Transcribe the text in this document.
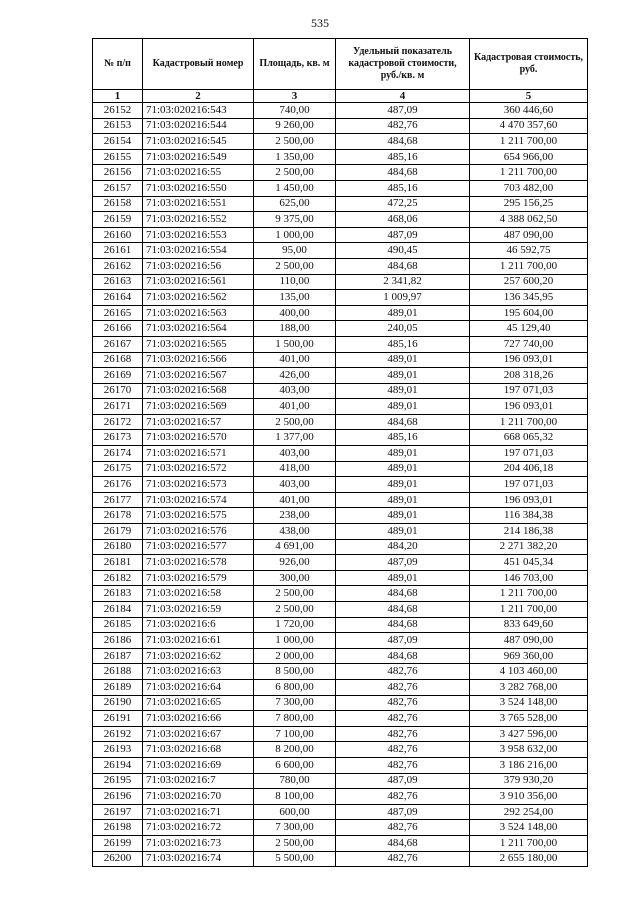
535
№ п/п	Кадастровый номер	Площадь, кв. м	Удельный показатель кадастровой стоимости, руб./кв. м	Кадастровая стоимость, руб.
1	2	3	4	5
26152	71:03:020216:543	740,00	487,09	360 446,60
26153	71:03:020216:544	9 260,00	482,76	4 470 357,60
26154	71:03:020216:545	2 500,00	484,68	1 211 700,00
26155	71:03:020216:549	1 350,00	485,16	654 966,00
26156	71:03:020216:55	2 500,00	484,68	1 211 700,00
26157	71:03:020216:550	1 450,00	485,16	703 482,00
26158	71:03:020216:551	625,00	472,25	295 156,25
26159	71:03:020216:552	9 375,00	468,06	4 388 062,50
26160	71:03:020216:553	1 000,00	487,09	487 090,00
26161	71:03:020216:554	95,00	490,45	46 592,75
26162	71:03:020216:56	2 500,00	484,68	1 211 700,00
26163	71:03:020216:561	110,00	2 341,82	257 600,20
26164	71:03:020216:562	135,00	1 009,97	136 345,95
26165	71:03:020216:563	400,00	489,01	195 604,00
26166	71:03:020216:564	188,00	240,05	45 129,40
26167	71:03:020216:565	1 500,00	485,16	727 740,00
26168	71:03:020216:566	401,00	489,01	196 093,01
26169	71:03:020216:567	426,00	489,01	208 318,26
26170	71:03:020216:568	403,00	489,01	197 071,03
26171	71:03:020216:569	401,00	489,01	196 093,01
26172	71:03:020216:57	2 500,00	484,68	1 211 700,00
26173	71:03:020216:570	1 377,00	485,16	668 065,32
26174	71:03:020216:571	403,00	489,01	197 071,03
26175	71:03:020216:572	418,00	489,01	204 406,18
26176	71:03:020216:573	403,00	489,01	197 071,03
26177	71:03:020216:574	401,00	489,01	196 093,01
26178	71:03:020216:575	238,00	489,01	116 384,38
26179	71:03:020216:576	438,00	489,01	214 186,38
26180	71:03:020216:577	4 691,00	484,20	2 271 382,20
26181	71:03:020216:578	926,00	487,09	451 045,34
26182	71:03:020216:579	300,00	489,01	146 703,00
26183	71:03:020216:58	2 500,00	484,68	1 211 700,00
26184	71:03:020216:59	2 500,00	484,68	1 211 700,00
26185	71:03:020216:6	1 720,00	484,68	833 649,60
26186	71:03:020216:61	1 000,00	487,09	487 090,00
26187	71:03:020216:62	2 000,00	484,68	969 360,00
26188	71:03:020216:63	8 500,00	482,76	4 103 460,00
26189	71:03:020216:64	6 800,00	482,76	3 282 768,00
26190	71:03:020216:65	7 300,00	482,76	3 524 148,00
26191	71:03:020216:66	7 800,00	482,76	3 765 528,00
26192	71:03:020216:67	7 100,00	482,76	3 427 596,00
26193	71:03:020216:68	8 200,00	482,76	3 958 632,00
26194	71:03:020216:69	6 600,00	482,76	3 186 216,00
26195	71:03:020216:7	780,00	487,09	379 930,20
26196	71:03:020216:70	8 100,00	482,76	3 910 356,00
26197	71:03:020216:71	600,00	487,09	292 254,00
26198	71:03:020216:72	7 300,00	482,76	3 524 148,00
26199	71:03:020216:73	2 500,00	484,68	1 211 700,00
26200	71:03:020216:74	5 500,00	482,76	2 655 180,00
